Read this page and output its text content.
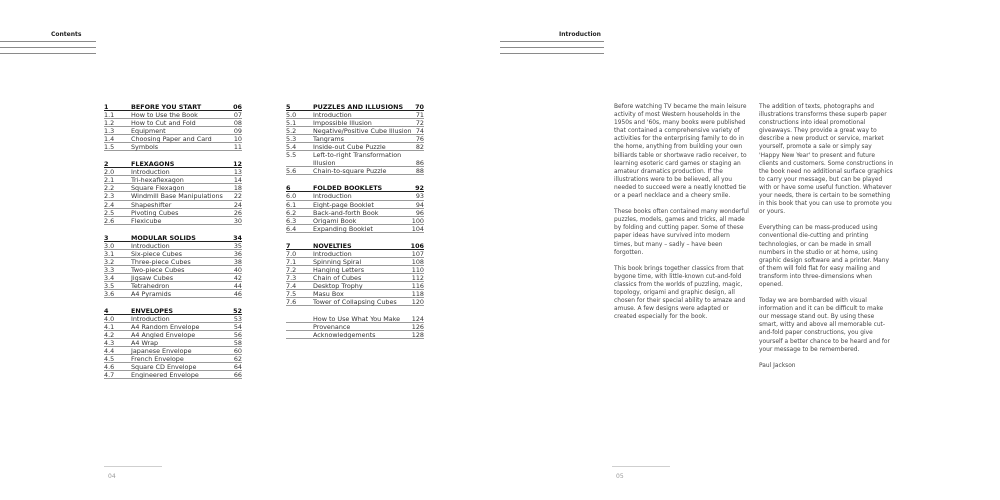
Contents
1	BEFORE YOU START	06
1.1	How to Use the Book	07
1.2	How to Cut and Fold	08
1.3	Equipment	09
1.4	Choosing Paper and Card	10
1.5	Symbols	11
2	FLEXAGONS	12
2.0	Introduction	13
2.1	Tri-hexaflexagon	14
2.2	Square Flexagon	18
2.3	Windmill Base Manipulations 22
2.4	Shapeshifter	24
2.5	Pivoting Cubes	26
2.6	Flexicube	30
3	MODULAR SOLIDS	34
3.0	Introduction	35
3.1	Six-piece Cubes	36
3.2	Three-piece Cubes	38
3.3	Two-piece Cubes	40
3.4	Jigsaw Cubes	42
3.5	Tetrahedron	44
3.6	A4 Pyramids	46
4	ENVELOPES	52
4.0	Introduction	53
4.1	A4 Random Envelope	54
4.2	A4 Angled Envelope	56
4.3	A4 Wrap	58
4.4	Japanese Envelope	60
4.5	French Envelope	62
4.6	Square CD Envelope	64
4.7	Engineered Envelope	66
5	PUZZLES AND ILLUSIONS 70
5.0	Introduction	71
5.1	Impossible Illusion	72
5.2	Negative/Positive Cube Illusion 74
5.3	Tangrams	76
5.4	Inside-out Cube Puzzle	82
5.5	Left-to-right Transformation
Illusion	86
5.6	Chain-to-square Puzzle	88
6	FOLDED BOOKLETS	92
6.0	Introduction	93
6.1	Eight-page Booklet	94
6.2	Back-and-forth Book	96
6.3	Origami Book	100
6.4	Expanding Booklet	104
7	NOVELTIES	106
7.0	Introduction	107
7.1	Spinning Spiral	108
7.2	Hanging Letters	110
7.3	Chain of Cubes	112
7.4	Desktop Trophy	116
7.5	Masu Box	118
7.6	Tower of Collapsing Cubes 120
How to Use What You Make 124
Provenance	126
Acknowledgements	128
04
Introduction

Before watching TV became the main leisure activity of most Western households in the 1950s and '60s, many books were published that contained a comprehensive variety of activities for the enterprising family to do in the home, anything from building your own billiards table or shortwave radio receiver, to learning esoteric card games or staging an amateur dramatics production. If the illustrations were to be believed, all you needed to succeed were a neatly knotted tie or a pearl necklace and a cheery smile.

These books often contained many wonderful puzzles, models, games and tricks, all made by folding and cutting paper. Some of these paper ideas have survived into modern times, but many – sadly – have been forgotten.

This book brings together classics from that bygone time, with little-known cut-and-fold classics from the worlds of puzzling, magic, topology, origami and graphic design, all chosen for their special ability to amaze and amuse. A few designs were adapted or created especially for the book.

The addition of texts, photographs and illustrations transforms these superb paper constructions into ideal promotional giveaways. They provide a great way to describe a new product or service, market yourself, promote a sale or simply say 'Happy New Year' to present and future clients and customers. Some constructions in the book need no additional surface graphics to carry your message, but can be played with or have some useful function. Whatever your needs, there is certain to be something in this book that you can use to promote you or yours.

Everything can be mass-produced using conventional die-cutting and printing technologies, or can be made in small numbers in the studio or at home, using graphic design software and a printer. Many of them will fold flat for easy mailing and transform into three-dimensions when opened.

Today we are bombarded with visual information and it can be difficult to make our message stand out. By using these smart, witty and above all memorable cut-and-fold paper constructions, you give yourself a better chance to be heard and for your message to be remembered.

Paul Jackson

05
